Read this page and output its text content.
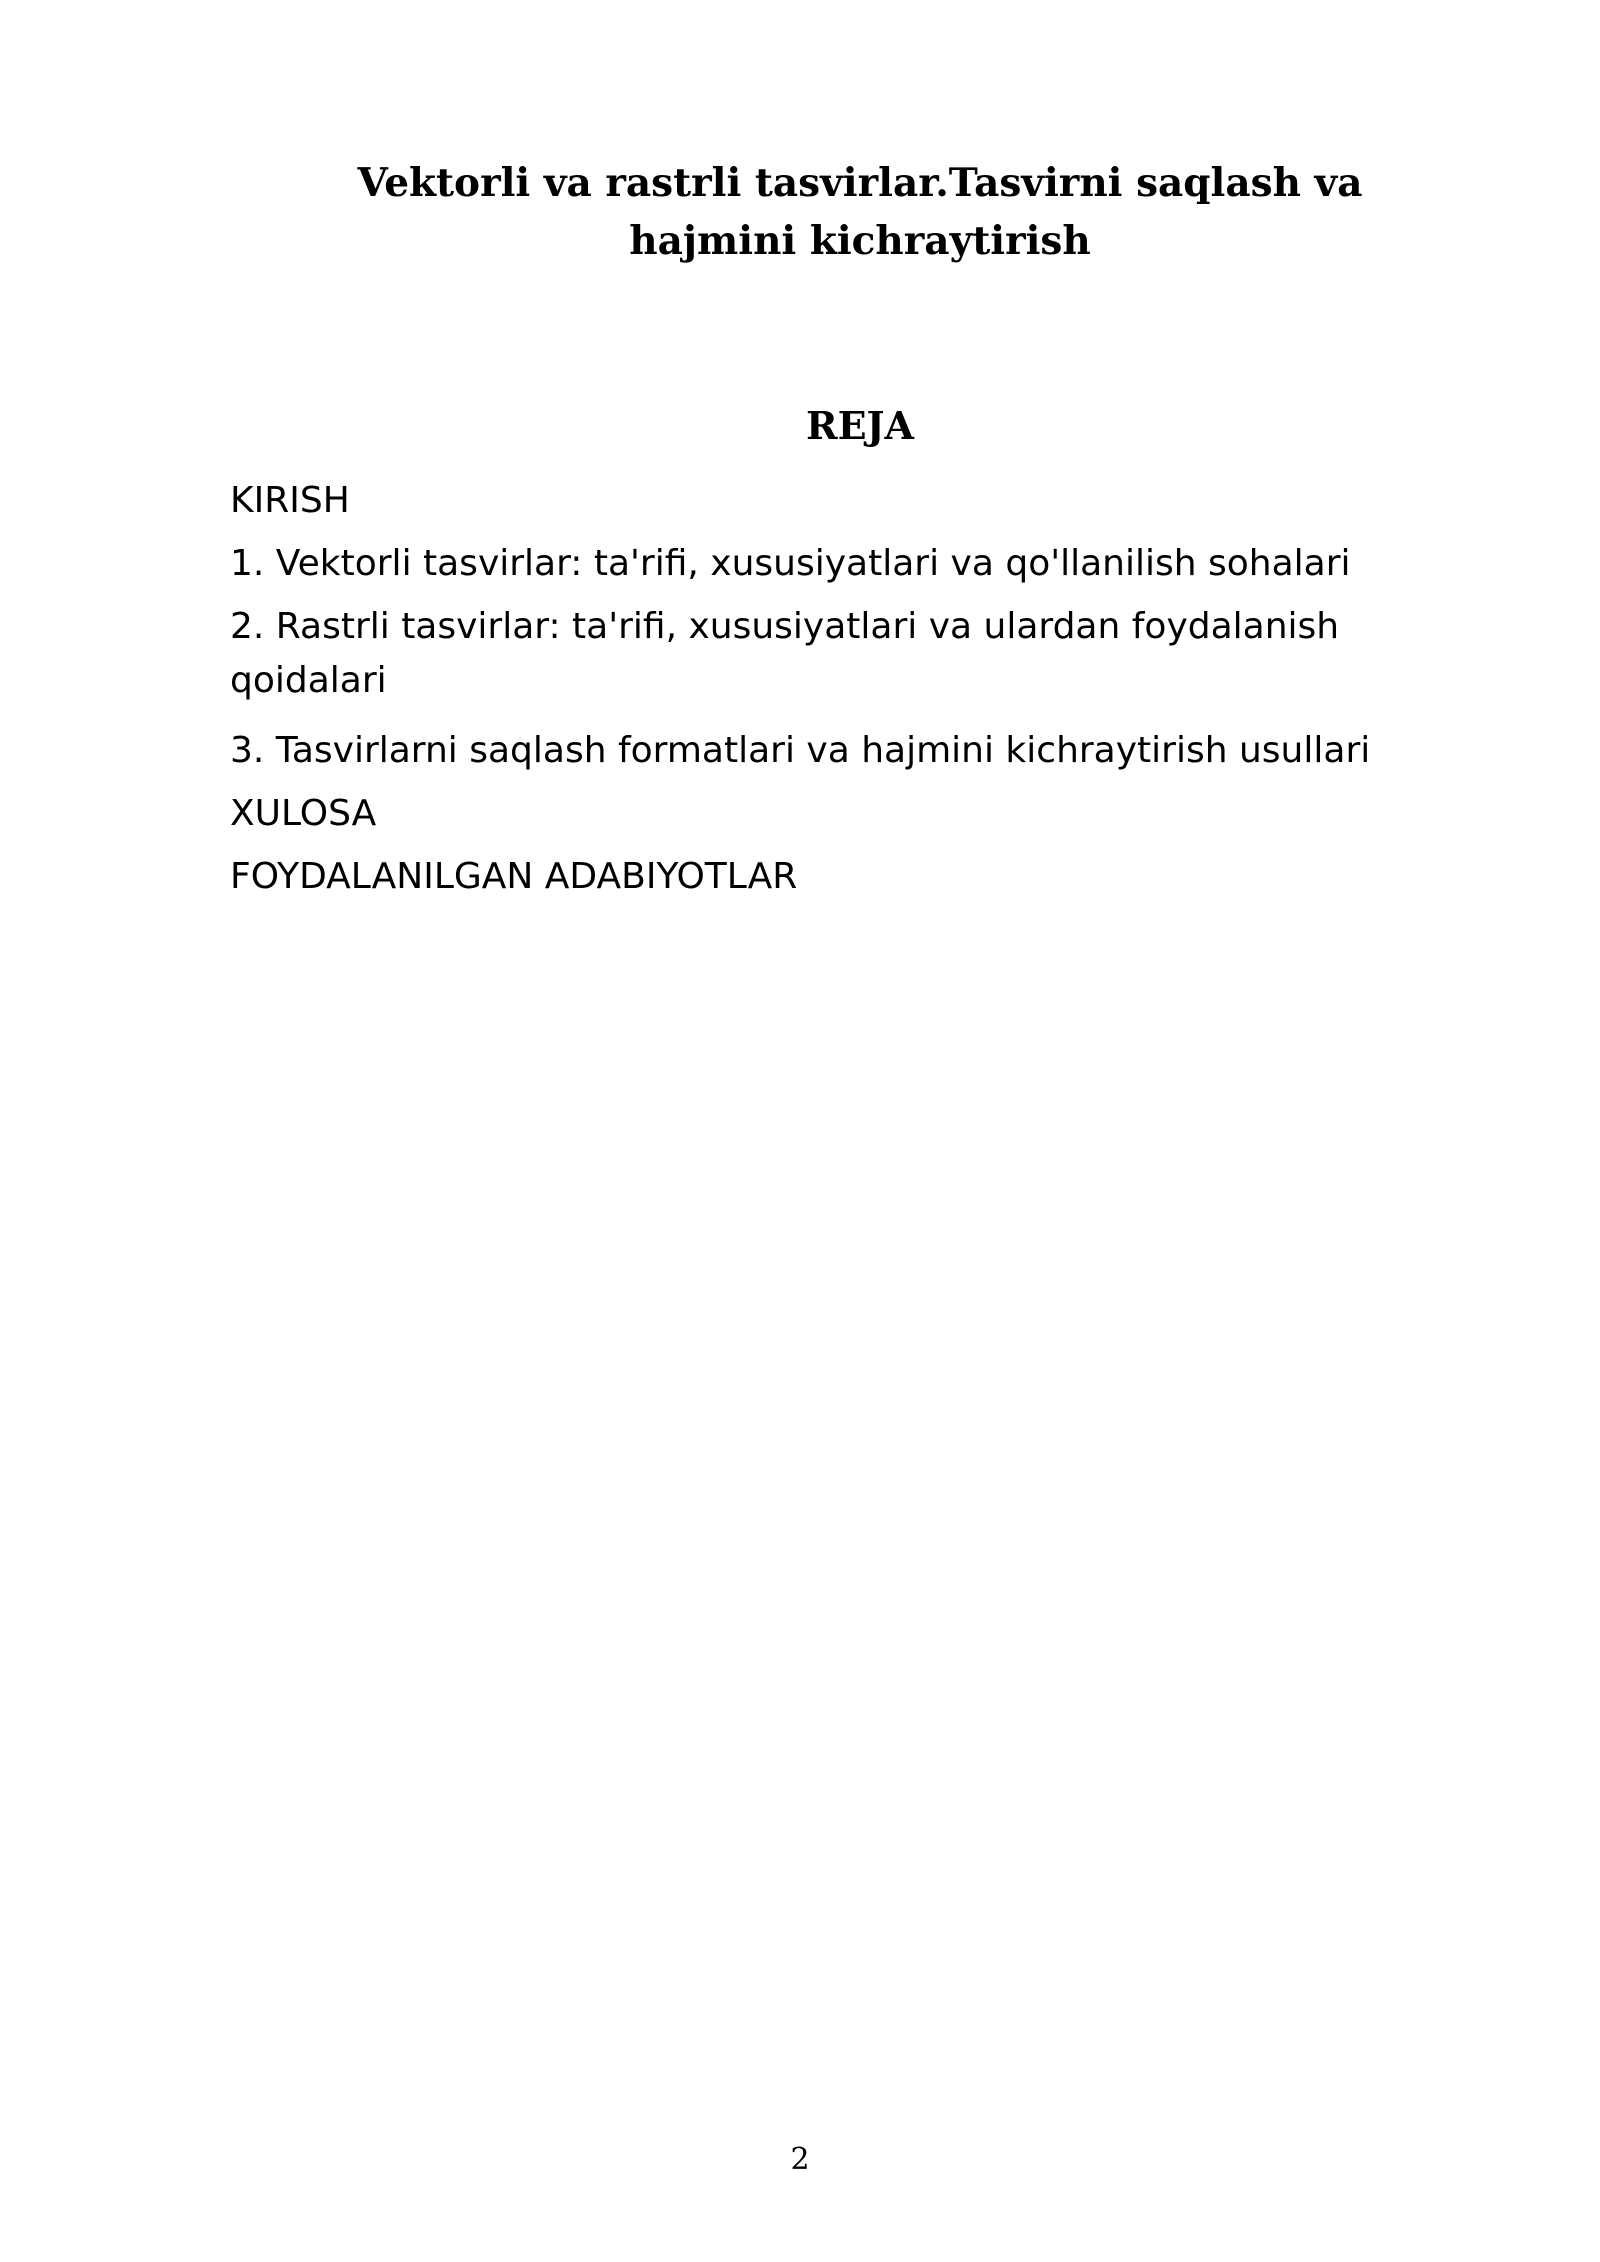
Vektorli va rastrli tasvirlar.Tasvirni saqlash va hajmini kichraytirish
REJA
KIRISH
1. Vektorli tasvirlar: ta'rifi, xususiyatlari va qo'llanilish sohalari
2. Rastrli tasvirlar: ta'rifi, xususiyatlari va ulardan foydalanish qoidalari
3. Tasvirlarni saqlash formatlari va hajmini kichraytirish usullari
XULOSA
FOYDALANILGAN ADABIYOTLAR
2
